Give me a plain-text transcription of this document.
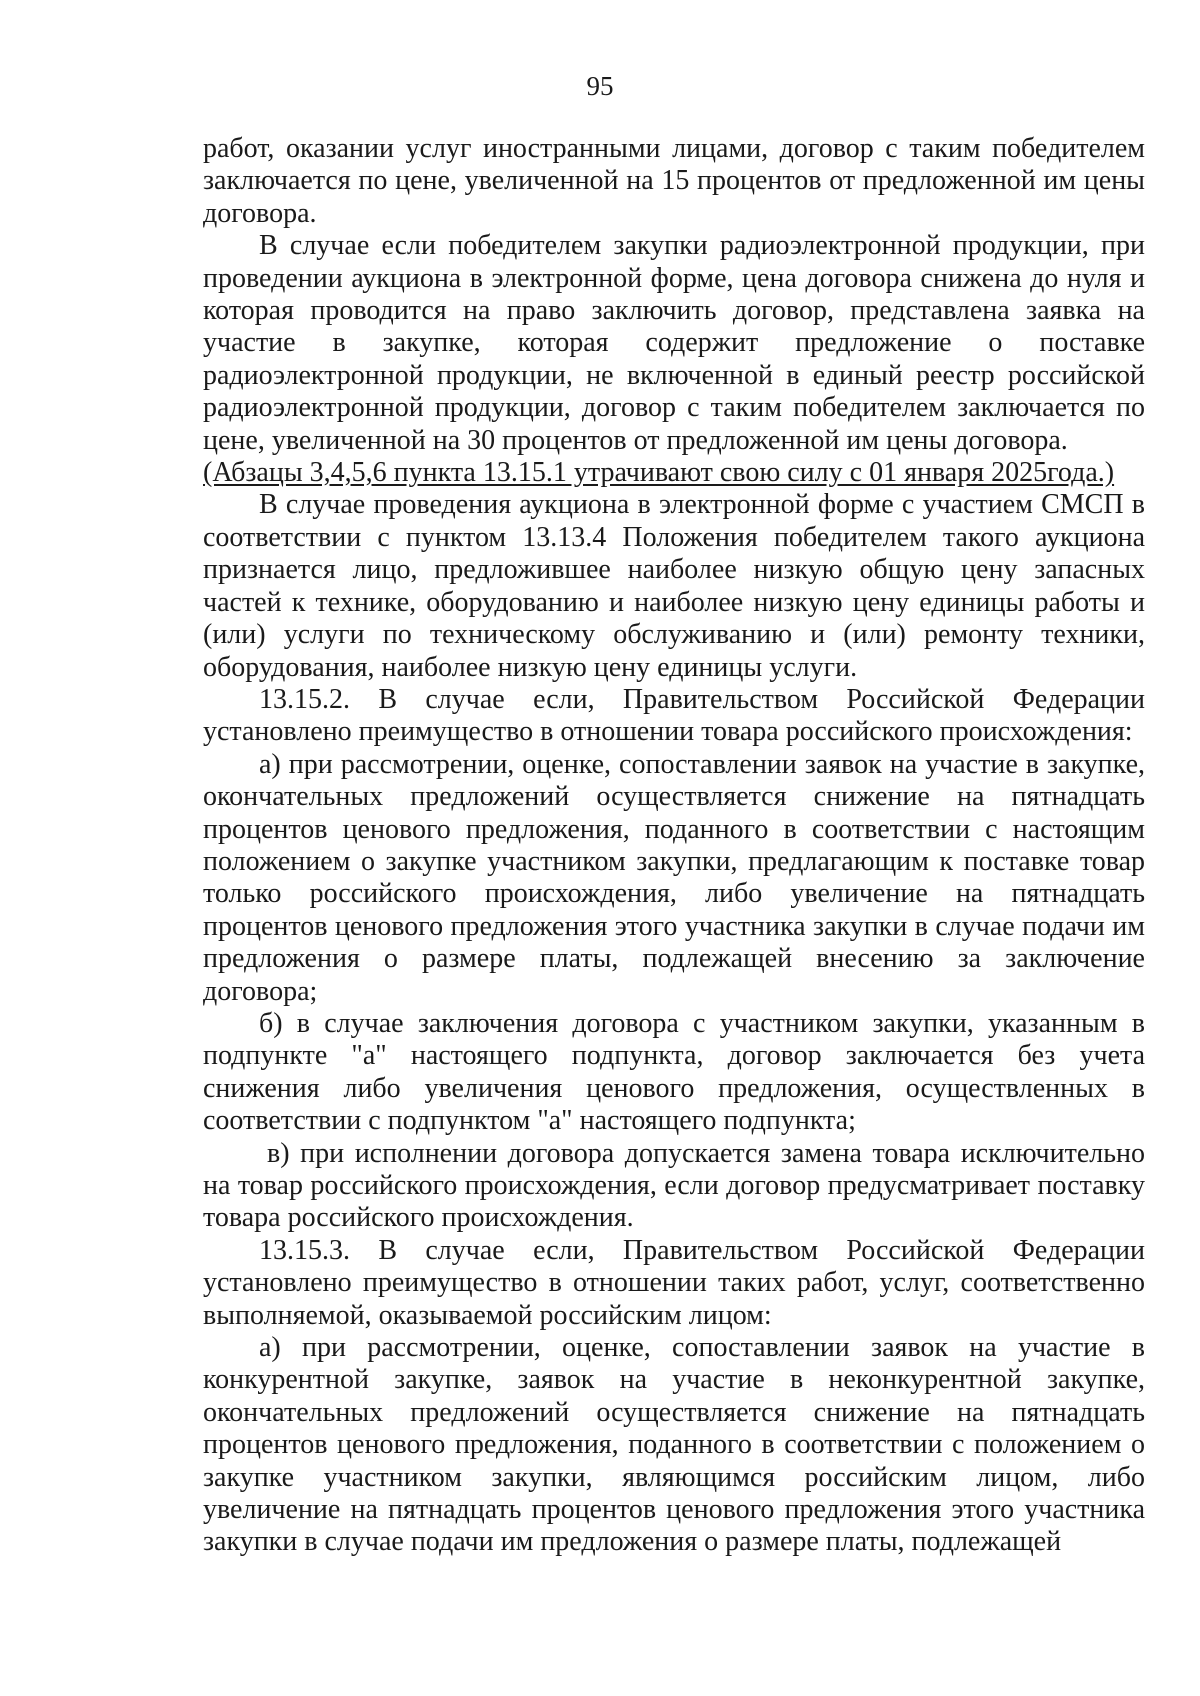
95

работ, оказании услуг иностранными лицами, договор с таким победителем заключается по цене, увеличенной на 15 процентов от предложенной им цены договора.

В случае если победителем закупки радиоэлектронной продукции, при проведении аукциона в электронной форме, цена договора снижена до нуля и которая проводится на право заключить договор, представлена заявка на участие в закупке, которая содержит предложение о поставке радиоэлектронной продукции, не включенной в единый реестр российской радиоэлектронной продукции, договор с таким победителем заключается по цене, увеличенной на 30 процентов от предложенной им цены договора.

(Абзацы 3,4,5,6 пункта 13.15.1 утрачивают свою силу с 01 января 2025года.)

В случае проведения аукциона в электронной форме с участием СМСП в соответствии с пунктом 13.13.4 Положения победителем такого аукциона признается лицо, предложившее наиболее низкую общую цену запасных частей к технике, оборудованию и наиболее низкую цену единицы работы и (или) услуги по техническому обслуживанию и (или) ремонту техники, оборудования, наиболее низкую цену единицы услуги.

13.15.2. В случае если, Правительством Российской Федерации установлено преимущество в отношении товара российского происхождения:

а) при рассмотрении, оценке, сопоставлении заявок на участие в закупке, окончательных предложений осуществляется снижение на пятнадцать процентов ценового предложения, поданного в соответствии с настоящим положением о закупке участником закупки, предлагающим к поставке товар только российского происхождения, либо увеличение на пятнадцать процентов ценового предложения этого участника закупки в случае подачи им предложения о размере платы, подлежащей внесению за заключение договора;

б) в случае заключения договора с участником закупки, указанным в подпункте "а" настоящего подпункта, договор заключается без учета снижения либо увеличения ценового предложения, осуществленных в соответствии с подпунктом "а" настоящего подпункта;

в) при исполнении договора допускается замена товара исключительно на товар российского происхождения, если договор предусматривает поставку товара российского происхождения.

13.15.3. В случае если, Правительством Российской Федерации установлено преимущество в отношении таких работ, услуг, соответственно выполняемой, оказываемой российским лицом:

а) при рассмотрении, оценке, сопоставлении заявок на участие в конкурентной закупке, заявок на участие в неконкурентной закупке, окончательных предложений осуществляется снижение на пятнадцать процентов ценового предложения, поданного в соответствии с положением о закупке участником закупки, являющимся российским лицом, либо увеличение на пятнадцать процентов ценового предложения этого участника закупки в случае подачи им предложения о размере платы, подлежащей
